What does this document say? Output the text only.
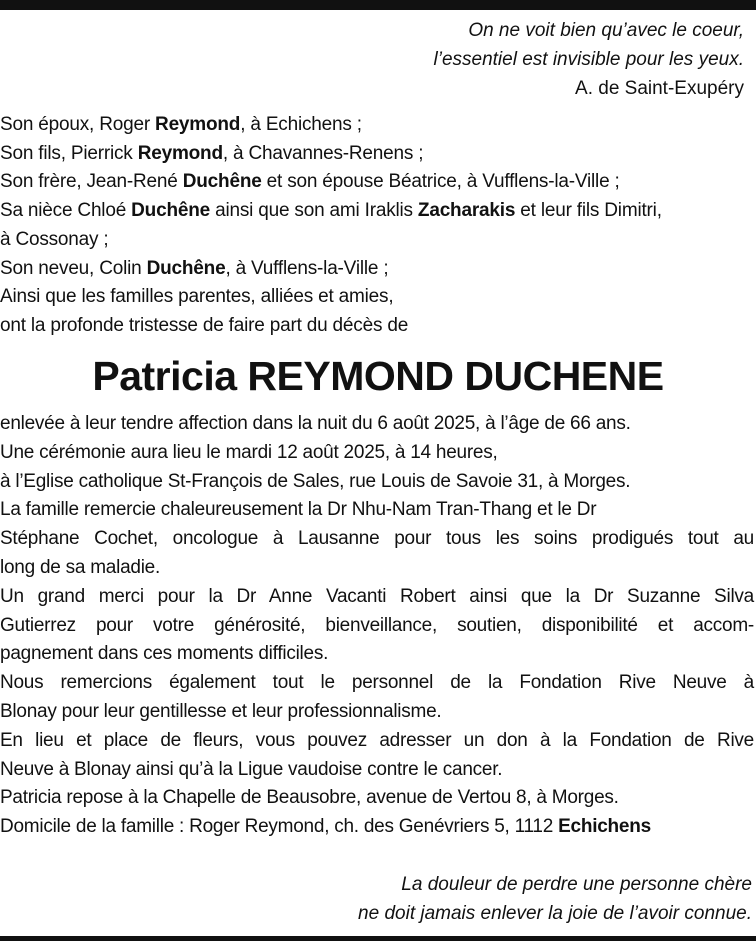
On ne voit bien qu’avec le coeur,
l’essentiel est invisible pour les yeux.
A. de Saint-Exupéry
Son époux, Roger Reymond, à Echichens ;
Son fils, Pierrick Reymond, à Chavannes-Renens ;
Son frère, Jean-René Duchêne et son épouse Béatrice, à Vufflens-la-Ville ;
Sa nièce Chloé Duchêne ainsi que son ami Iraklis Zacharakis et leur fils Dimitri,
à Cossonay ;
Son neveu, Colin Duchêne, à Vufflens-la-Ville ;
Ainsi que les familles parentes, alliées et amies,
ont la profonde tristesse de faire part du décès de
Patricia REYMOND DUCHENE
enlevée à leur tendre affection dans la nuit du 6 août 2025, à l’âge de 66 ans.
Une cérémonie aura lieu le mardi 12 août 2025, à 14 heures,
à l’Eglise catholique St-François de Sales, rue Louis de Savoie 31, à Morges.
La famille remercie chaleureusement la Dr Nhu-Nam Tran-Thang et le Dr
Stéphane Cochet, oncologue à Lausanne pour tous les soins prodigués tout au
long de sa maladie.
Un grand merci pour la Dr Anne Vacanti Robert ainsi que la Dr Suzanne Silva
Gutierrez pour votre générosité, bienveillance, soutien, disponibilité et accom-
pagnement dans ces moments difficiles.
Nous remercions également tout le personnel de la Fondation Rive Neuve à
Blonay pour leur gentillesse et leur professionnalisme.
En lieu et place de fleurs, vous pouvez adresser un don à la Fondation de Rive
Neuve à Blonay ainsi qu’à la Ligue vaudoise contre le cancer.
Patricia repose à la Chapelle de Beausobre, avenue de Vertou 8, à Morges.
Domicile de la famille : Roger Reymond, ch. des Genévriers 5, 1112 Echichens
La douleur de perdre une personne chère
ne doit jamais enlever la joie de l’avoir connue.
